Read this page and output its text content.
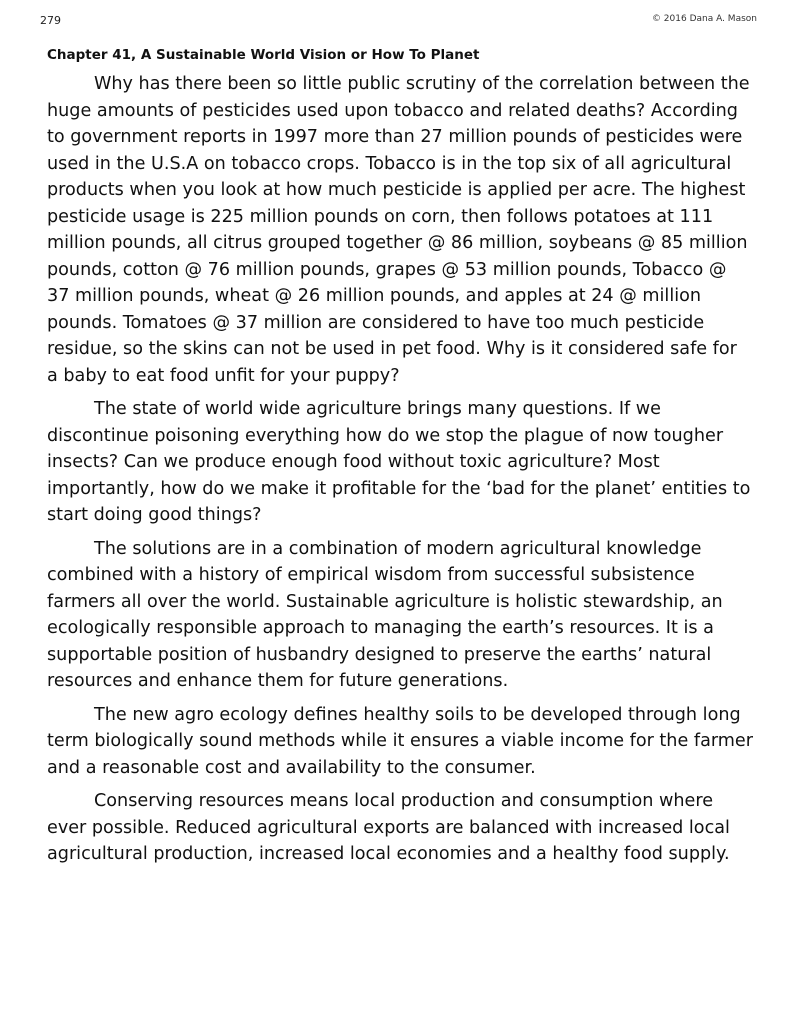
279	© 2016 Dana A. Mason
Chapter 41, A Sustainable World Vision or How To Planet

Why has there been so little public scrutiny of the correlation between the huge amounts of pesticides used upon tobacco and related deaths? According to government reports in 1997 more than 27 million pounds of pesticides were used in the U.S.A on tobacco crops. Tobacco is in the top six of all agricultural products when you look at how much pesticide is applied per acre. The highest pesticide usage is 225 million pounds on corn, then follows potatoes at 111 million pounds, all citrus grouped together @ 86 million, soybeans @ 85 million pounds, cotton @ 76 million pounds, grapes @ 53 million pounds, Tobacco @ 37 million pounds, wheat @ 26 million pounds, and apples at 24 @ million pounds. Tomatoes @ 37 million are considered to have too much pesticide residue, so the skins can not be used in pet food. Why is it considered safe for a baby to eat food unfit for your puppy?

The state of world wide agriculture brings many questions. If we discontinue poisoning everything how do we stop the plague of now tougher insects? Can we produce enough food without toxic agriculture? Most importantly, how do we make it profitable for the ‘bad for the planet’ entities to start doing good things?

The solutions are in a combination of modern agricultural knowledge combined with a history of empirical wisdom from successful subsistence farmers all over the world. Sustainable agriculture is holistic stewardship, an ecologically responsible approach to managing the earth’s resources. It is a supportable position of husbandry designed to preserve the earths’ natural resources and enhance them for future generations.

The new agro ecology defines healthy soils to be developed through long term biologically sound methods while it ensures a viable income for the farmer and a reasonable cost and availability to the consumer.

Conserving resources means local production and consumption where ever possible. Reduced agricultural exports are balanced with increased local agricultural production, increased local economies and a healthy food supply.
